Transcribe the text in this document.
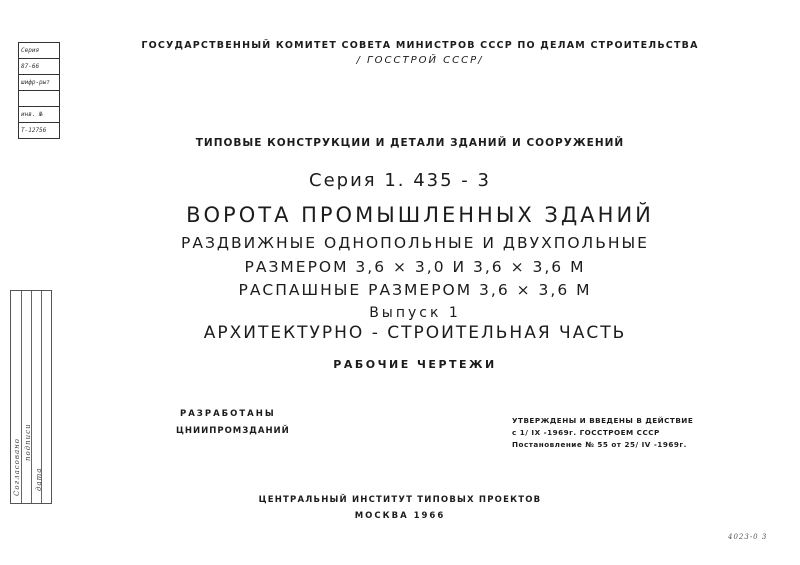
Серия
87-66
шифр-рыт
инв. №
Т-12756
Согласовано подписи
дата
ГОСУДАРСТВЕННЫЙ КОМИТЕТ СОВЕТА МИНИСТРОВ СССР ПО ДЕЛАМ СТРОИТЕЛЬСТВА
/ ГОССТРОЙ СССР/
ТИПОВЫЕ КОНСТРУКЦИИ И ДЕТАЛИ ЗДАНИЙ И СООРУЖЕНИЙ
Серия 1. 435 - 3
ВОРОТА ПРОМЫШЛЕННЫХ ЗДАНИЙ
РАЗДВИЖНЫЕ ОДНОПОЛЬНЫЕ И ДВУХПОЛЬНЫЕ
РАЗМЕРОМ 3,6 × 3,0 И 3,6 × 3,6 М
РАСПАШНЫЕ РАЗМЕРОМ 3,6 × 3,6 М
Выпуск 1
АРХИТЕКТУРНО - СТРОИТЕЛЬНАЯ ЧАСТЬ
РАБОЧИЕ ЧЕРТЕЖИ
РАЗРАБОТАНЫ
ЦНИИПРОМЗДАНИЙ
УТВЕРЖДЕНЫ И ВВЕДЕНЫ В ДЕЙСТВИЕ
с 1/ IX -1969г. ГОССТРОЕМ СССР
Постановление № 55 от 25/ IV -1969г.
ЦЕНТРАЛЬНЫЙ ИНСТИТУТ ТИПОВЫХ ПРОЕКТОВ
МОСКВА 1966
4023-0 3
